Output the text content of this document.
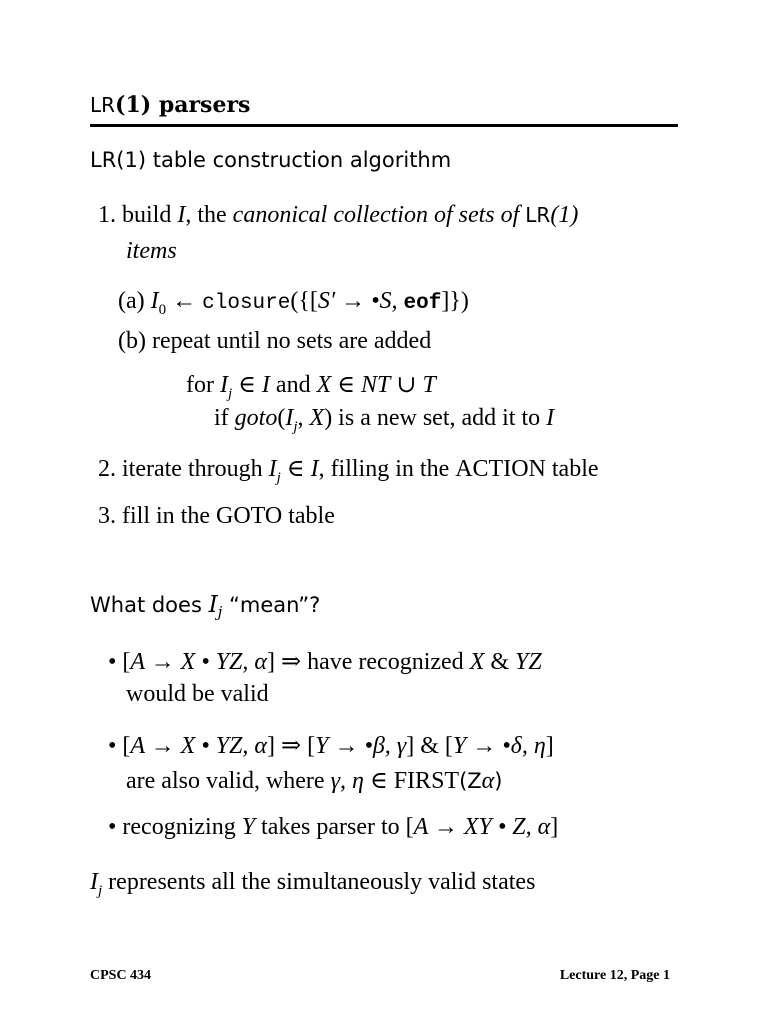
LR(1) parsers
LR(1) table construction algorithm
1. build I, the canonical collection of sets of LR(1)
items
(a) $I_0$ ← closure({[S′ → •S, eof]})
(b) repeat until no sets are added
for $I_j$ ∈ I and X ∈ NT ∪ T
if $goto(I_j$, X) is a new set, add it to I
2. iterate through $I_j$ ∈ I, filling in the ACTION table
3. fill in the GOTO table
What does $I_j$ “mean”?
• [A → X • YZ, α] ⇒ have recognized X & YZ
would be valid
• [A → X • YZ, α] ⇒ [Y → •β, γ] & [Y → •δ, η]
are also valid, where γ, η ∈ FIRST(Zα)
• recognizing Y takes parser to [A → XY • Z, α]
$I_j$ represents all the simultaneously valid states
CPSC 434	Lecture 12, Page 1
